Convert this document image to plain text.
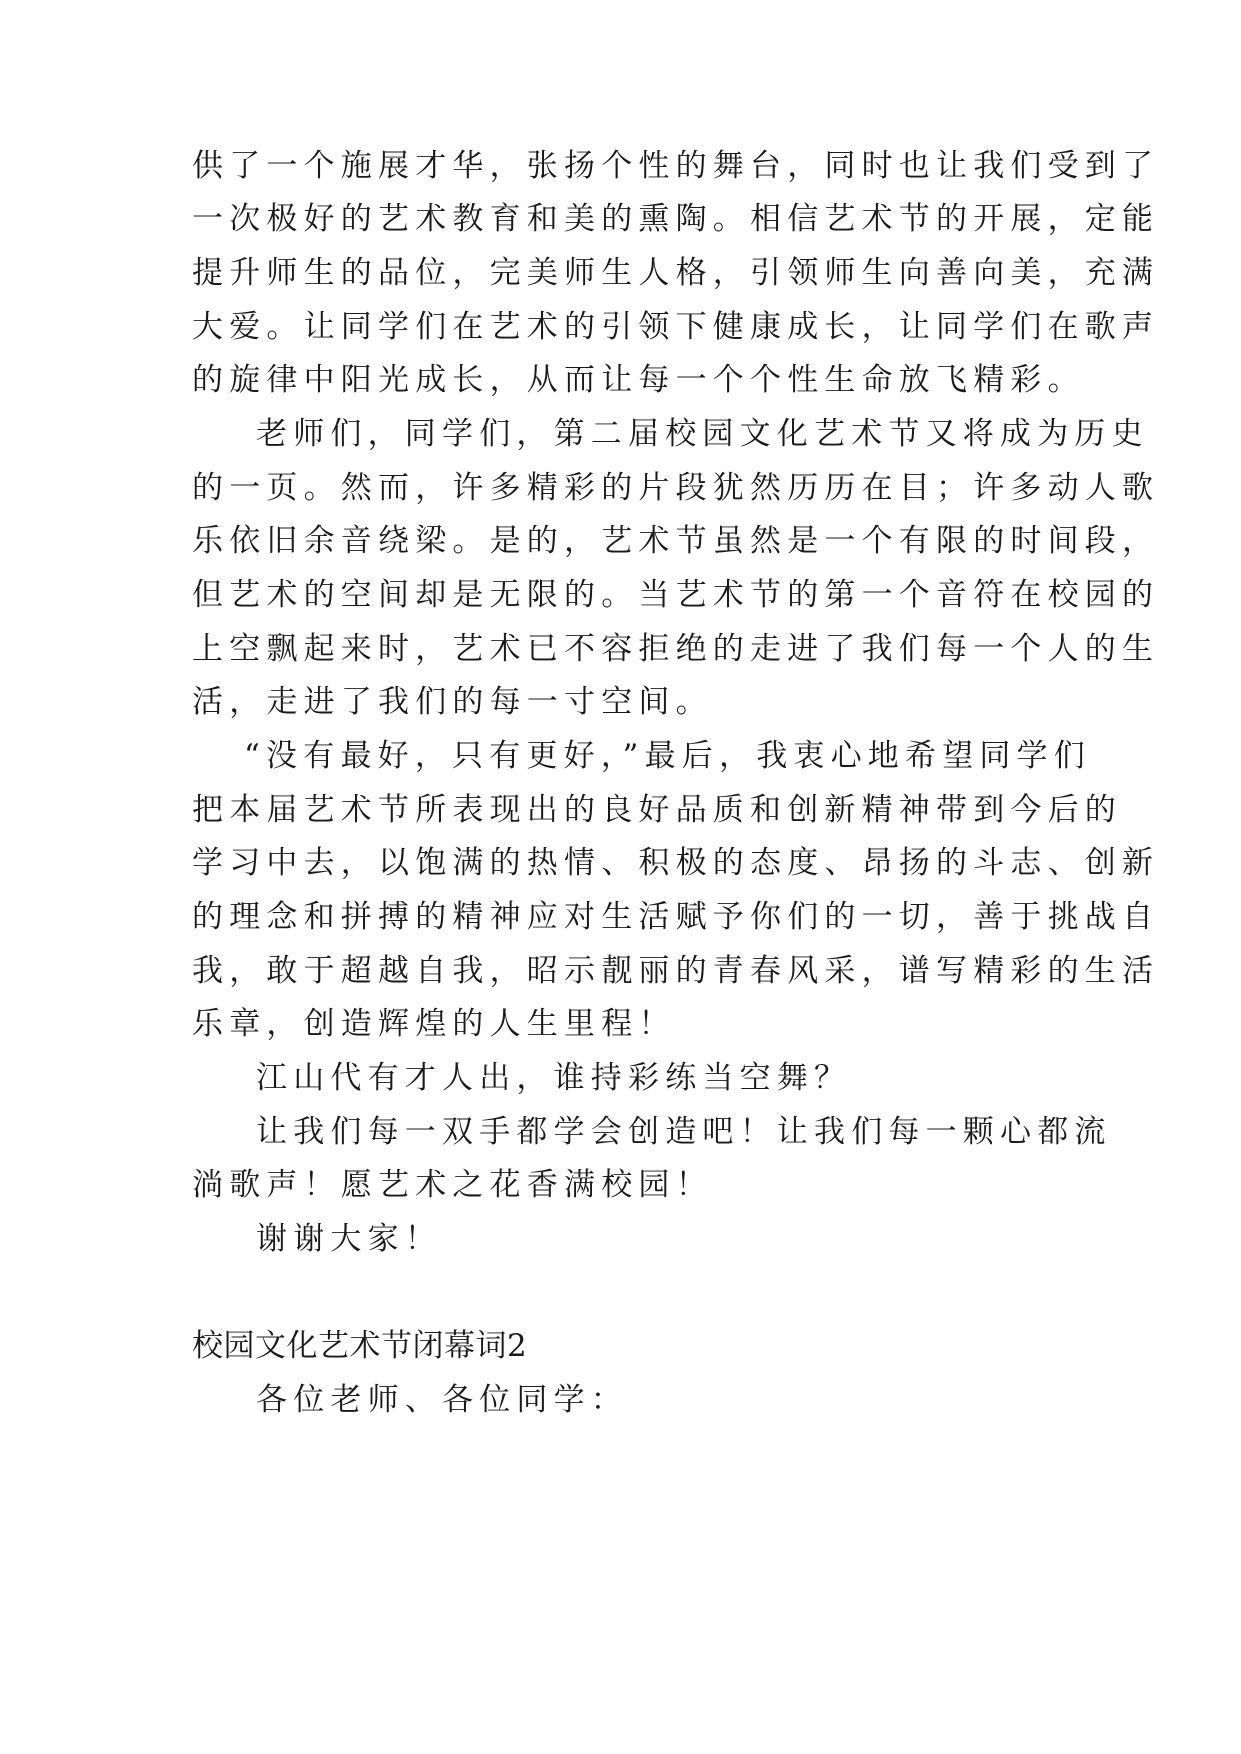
供了一个施展才华，张扬个性的舞台，同时也让我们受到了
一次极好的艺术教育和美的熏陶。相信艺术节的开展，定能
提升师生的品位，完美师生人格，引领师生向善向美，充满
大爱。让同学们在艺术的引领下健康成长，让同学们在歌声
的旋律中阳光成长，从而让每一个个性生命放飞精彩。
老师们，同学们，第二届校园文化艺术节又将成为历史
的一页。然而，许多精彩的片段犹然历历在目；许多动人歌
乐依旧余音绕梁。是的，艺术节虽然是一个有限的时间段，
但艺术的空间却是无限的。当艺术节的第一个音符在校园的
上空飘起来时，艺术已不容拒绝的走进了我们每一个人的生
活，走进了我们的每一寸空间。
“没有最好，只有更好，”最后，我衷心地希望同学们
把本届艺术节所表现出的良好品质和创新精神带到今后的
学习中去，以饱满的热情、积极的态度、昂扬的斗志、创新
的理念和拼搏的精神应对生活赋予你们的一切，善于挑战自
我，敢于超越自我，昭示靓丽的青春风采，谱写精彩的生活
乐章，创造辉煌的人生里程！
江山代有才人出，谁持彩练当空舞？
让我们每一双手都学会创造吧！让我们每一颗心都流
淌歌声！愿艺术之花香满校园！
谢谢大家！
校园文化艺术节闭幕词2
各位老师、各位同学：
